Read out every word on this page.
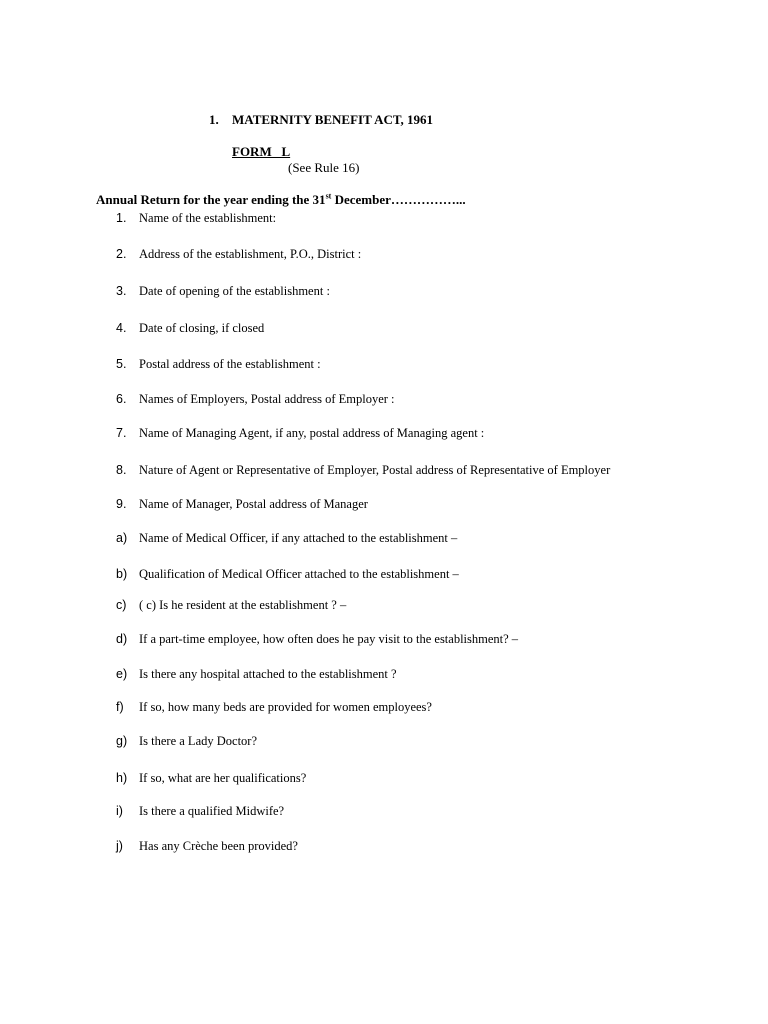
1. MATERNITY BENEFIT ACT, 1961
FORM   L
(See Rule 16)
Annual Return for the year ending the 31st December……………...
1. Name of the establishment:
2. Address of the establishment, P.O., District :
3. Date of opening of the establishment :
4. Date of closing, if closed
5. Postal address of the establishment :
6. Names of Employers, Postal address of Employer :
7. Name of Managing Agent, if any, postal address of Managing agent :
8. Nature of Agent or Representative of Employer, Postal address of Representative of Employer
9. Name of Manager, Postal address of Manager
a) Name of Medical Officer, if any attached to the establishment –
b) Qualification of Medical Officer attached to the establishment –
c) ( c) Is he resident at the establishment ? –
d) If a part-time employee, how often does he pay visit to the establishment? –
e) Is there any hospital attached to the establishment ?
f) If so, how many beds are provided for women employees?
g) Is there a Lady Doctor?
h) If so, what are her qualifications?
i) Is there a qualified Midwife?
j) Has any Crèche been provided?
